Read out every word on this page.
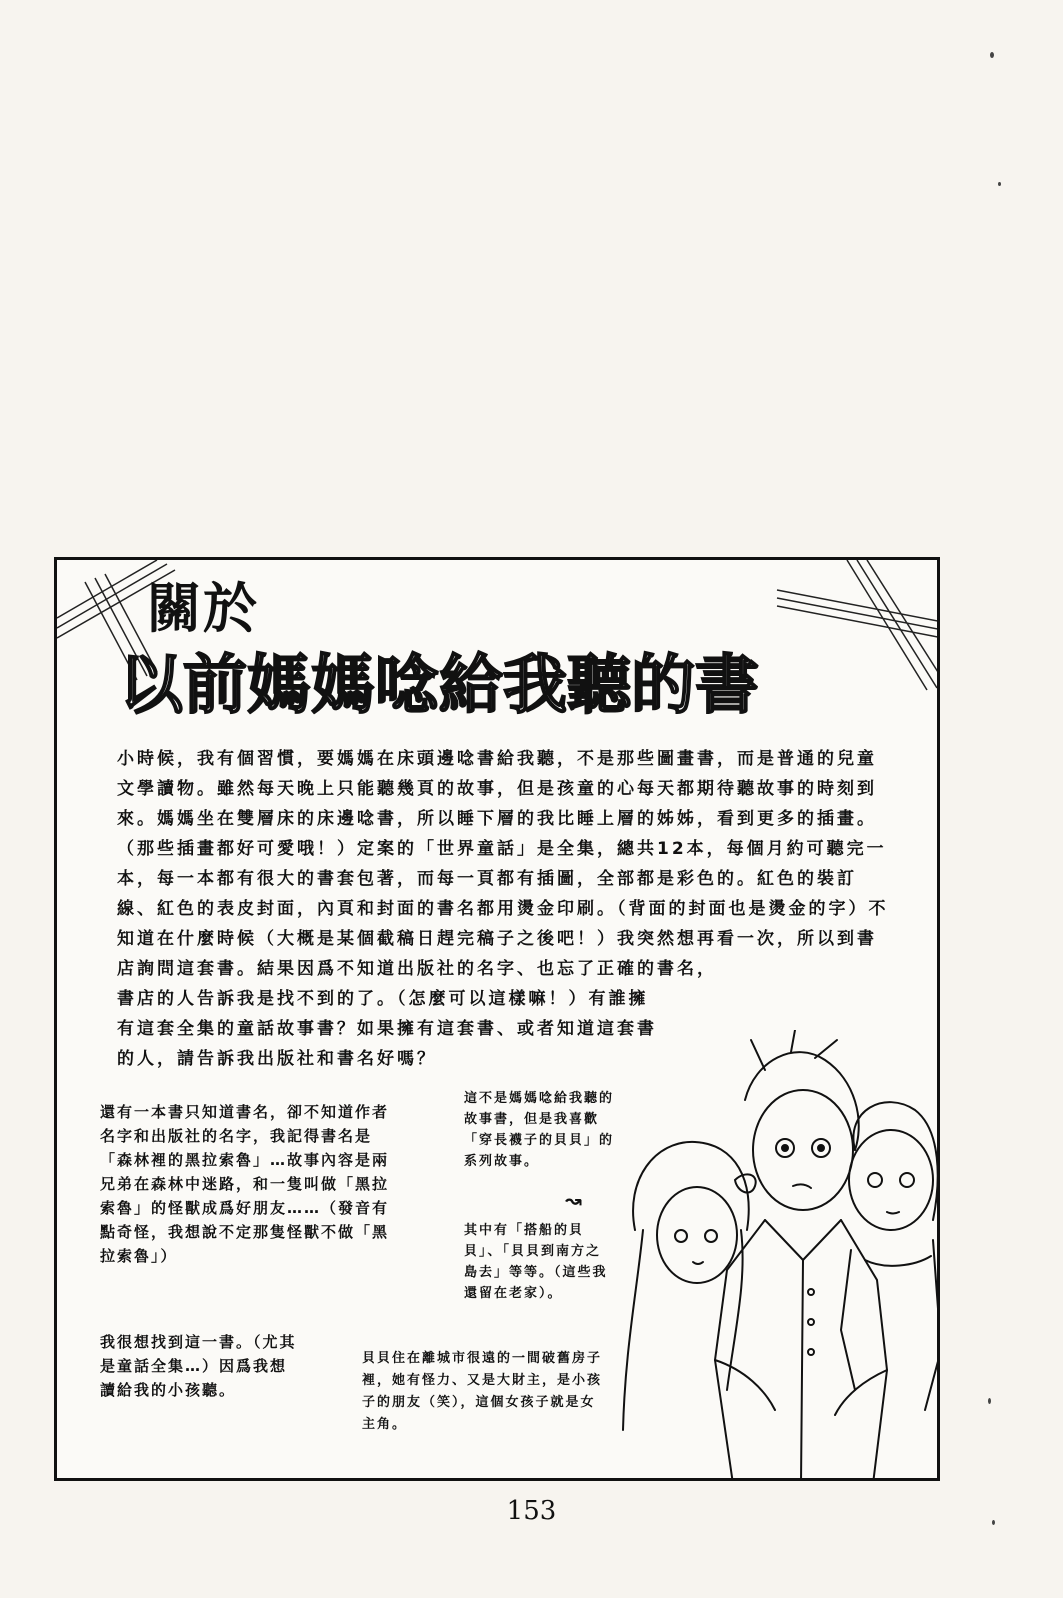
關於
以前媽媽唸給我聽的書

小時候，我有個習慣，要媽媽在床頭邊唸書給我聽，不是那些圖畫書，而是普通的兒童文學讀物。雖然每天晚上只能聽幾頁的故事，但是孩童的心每天都期待聽故事的時刻到來。媽媽坐在雙層床的床邊唸書，所以睡下層的我比睡上層的姊姊，看到更多的插畫。（那些插畫都好可愛哦！）定案的「世界童話」是全集，總共12本，每個月約可聽完一本，每一本都有很大的書套包著，而每一頁都有插圖，全部都是彩色的。紅色的裝訂線、紅色的表皮封面，內頁和封面的書名都用燙金印刷。（背面的封面也是燙金的字）不知道在什麼時候（大概是某個截稿日趕完稿子之後吧！）我突然想再看一次，所以到書店詢問這套書。結果因爲不知道出版社的名字、也忘了正確的書名，
書店的人告訴我是找不到的了。（怎麼可以這樣嘛！）有誰擁有這套全集的童話故事書？如果擁有這套書、或者知道這套書的人，請告訴我出版社和書名好嗎？

還有一本書只知道書名，卻不知道作者名字和出版社的名字，我記得書名是「森林裡的黑拉索魯」…故事內容是兩兄弟在森林中迷路，和一隻叫做「黑拉索魯」的怪獸成爲好朋友……（發音有點奇怪，我想說不定那隻怪獸不做「黑拉索魯」）

我很想找到這一書。（尤其是童話全集…）因爲我想讀給我的小孩聽。

這不是媽媽唸給我聽的故事書，但是我喜歡「穿長襪子的貝貝」的系列故事。

↝

其中有「搭船的貝貝」、「貝貝到南方之島去」等等。（這些我還留在老家）。

貝貝住在離城市很遠的一間破舊房子裡，她有怪力、又是大財主，是小孩子的朋友（笑），這個女孩子就是女主角。

153
